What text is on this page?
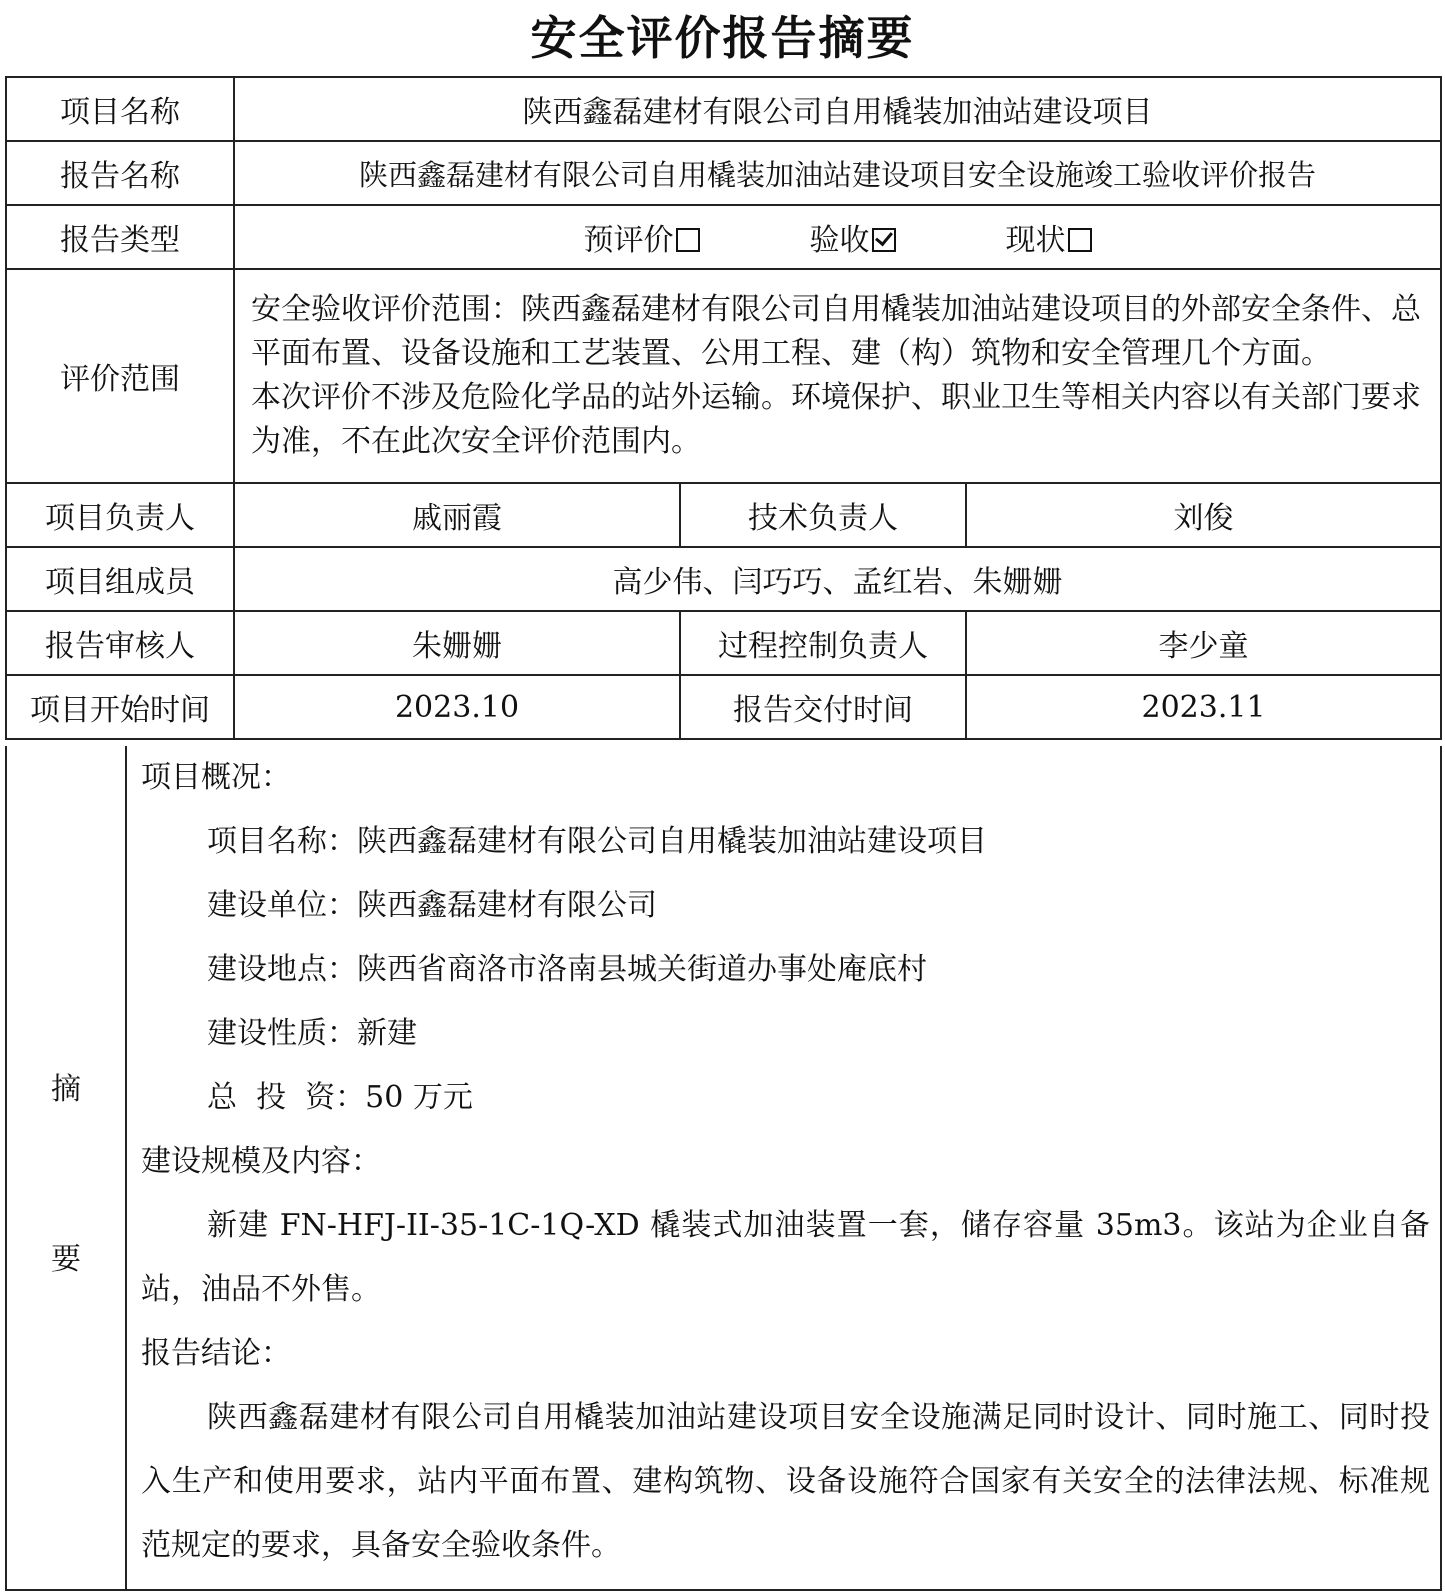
安全评价报告摘要
项目名称	陕西鑫磊建材有限公司自用橇装加油站建设项目		
报告名称	陕西鑫磊建材有限公司自用橇装加油站建设项目安全设施竣工验收评价报告		
报告类型	预评价 验收 现状		

评价范围	安全验收评价范围：陕西鑫磊建材有限公司自用橇装加油站建设项目的外部安全条件、总平面布置、设备设施和工艺装置、公用工程、建（构）筑物和安全管理几个方面。

本次评价不涉及危险化学品的站外运输。环境保护、职业卫生等相关内容以有关部门要求为准，不在此次安全评价范围内。		

项目负责人	戚丽霞	技术负责人	刘俊
项目组成员	高少伟、闫巧巧、孟红岩、朱姗姗		
报告审核人	朱姗姗	过程控制负责人	李少童
项目开始时间	2023.10	报告交付时间	2023.11
摘
要

项目概况：

项目名称：陕西鑫磊建材有限公司自用橇装加油站建设项目

建设单位：陕西鑫磊建材有限公司

建设地点：陕西省商洛市洛南县城关街道办事处庵底村

建设性质：新建

总  投  资：50 万元

建设规模及内容：

新建 FN-HFJ-II-35-1C-1Q-XD 橇装式加油装置一套，储存容量 35m3。该站为企业自备站，油品不外售。

报告结论：

陕西鑫磊建材有限公司自用橇装加油站建设项目安全设施满足同时设计、同时施工、同时投入生产和使用要求，站内平面布置、建构筑物、设备设施符合国家有关安全的法律法规、标准规范规定的要求，具备安全验收条件。
